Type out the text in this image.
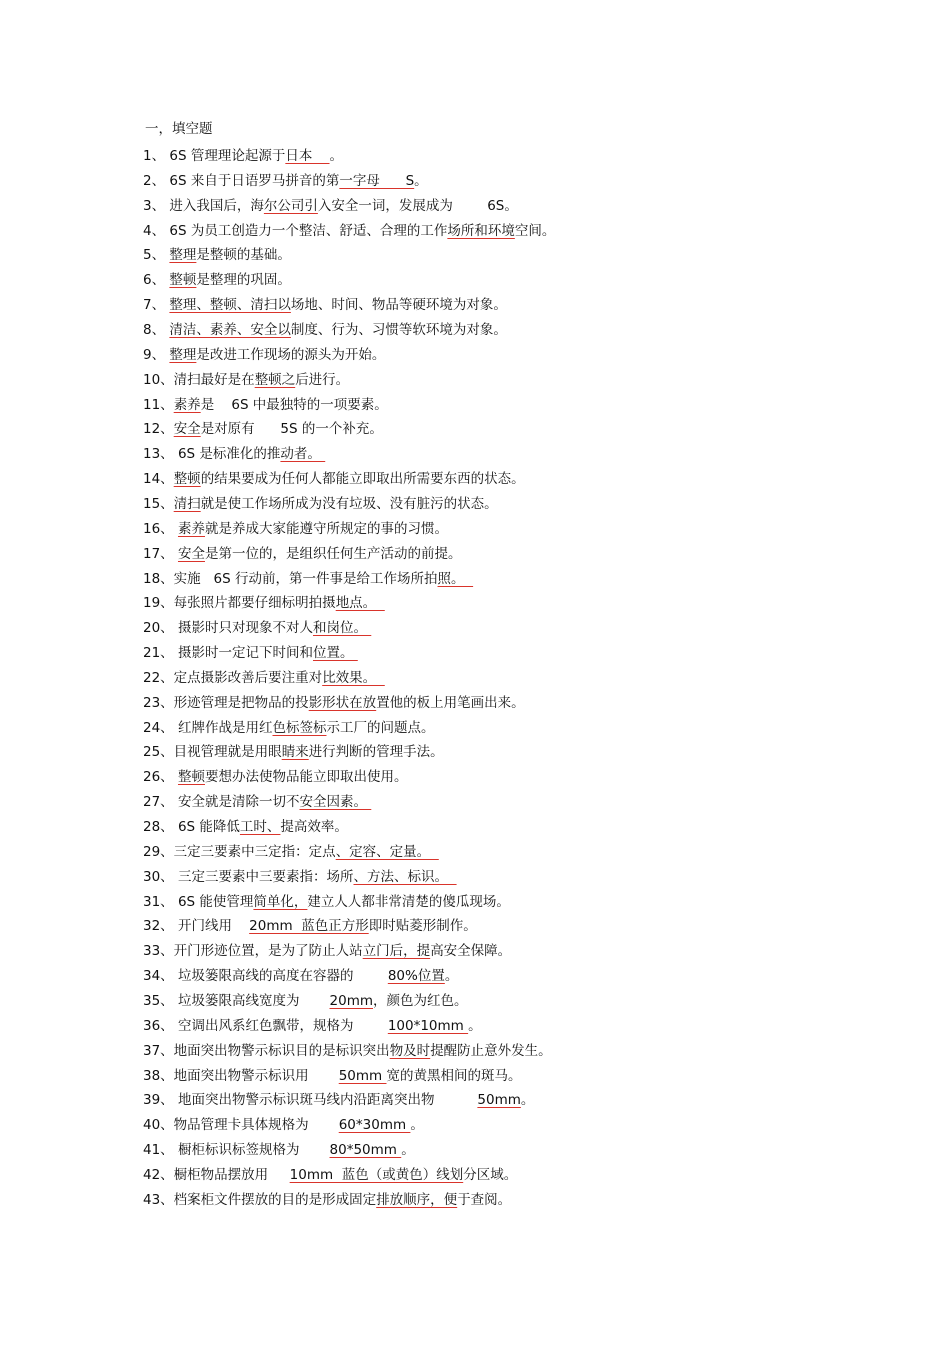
一，填空题
1、 6S 管理理论起源于日本    。
2、 6S 来自于日语罗马拼音的第一字母      S。
3、 进入我国后，海尔公司引入安全一词，发展成为        6S。
4、 6S 为员工创造力一个整洁、舒适、合理的工作场所和环境空间。
5、 整理是整顿的基础。
6、 整顿是整理的巩固。
7、 整理、整顿、清扫以场地、时间、物品等硬环境为对象。
8、 清洁、素养、安全以制度、行为、习惯等软环境为对象。
9、 整理是改进工作现场的源头为开始。
10、清扫最好是在整顿之后进行。
11、素养是    6S 中最独特的一项要素。
12、安全是对原有      5S 的一个补充。
13、 6S 是标准化的推动者。
14、整顿的结果要成为任何人都能立即取出所需要东西的状态。
15、清扫就是使工作场所成为没有垃圾、没有脏污的状态。
16、 素养就是养成大家能遵守所规定的事的习惯。
17、 安全是第一位的，是组织任何生产活动的前提。
18、实施   6S 行动前，第一件事是给工作场所拍照。
19、每张照片都要仔细标明拍摄地点。
20、 摄影时只对现象不对人和岗位。
21、 摄影时一定记下时间和位置。
22、定点摄影改善后要注重对比效果。
23、形迹管理是把物品的投影形状在放置他的板上用笔画出来。
24、 红牌作战是用红色标签标示工厂的问题点。
25、目视管理就是用眼睛来进行判断的管理手法。
26、 整顿要想办法使物品能立即取出使用。
27、 安全就是清除一切不安全因素。
28、 6S 能降低工时、提高效率。
29、三定三要素中三定指：定点、定容、定量。
30、 三定三要素中三要素指：场所、方法、标识。
31、 6S 能使管理简单化，建立人人都非常清楚的傻瓜现场。
32、 开门线用    20mm  蓝色正方形即时贴菱形制作。
33、开门形迹位置，是为了防止人站立门后，提高安全保障。
34、 垃圾篓限高线的高度在容器的        80%位置。
35、 垃圾篓限高线宽度为       20mm，颜色为红色。
36、 空调出风系红色飘带，规格为        100*10mm 。
37、地面突出物警示标识目的是标识突出物及时提醒防止意外发生。
38、地面突出物警示标识用       50mm 宽的黄黑相间的斑马。
39、 地面突出物警示标识斑马线内沿距离突出物          50mm。
40、物品管理卡具体规格为       60*30mm 。
41、 橱柜标识标签规格为       80*50mm 。
42、橱柜物品摆放用     10mm  蓝色（或黄色）线划分区域。
43、档案柜文件摆放的目的是形成固定排放顺序，便于查阅。
